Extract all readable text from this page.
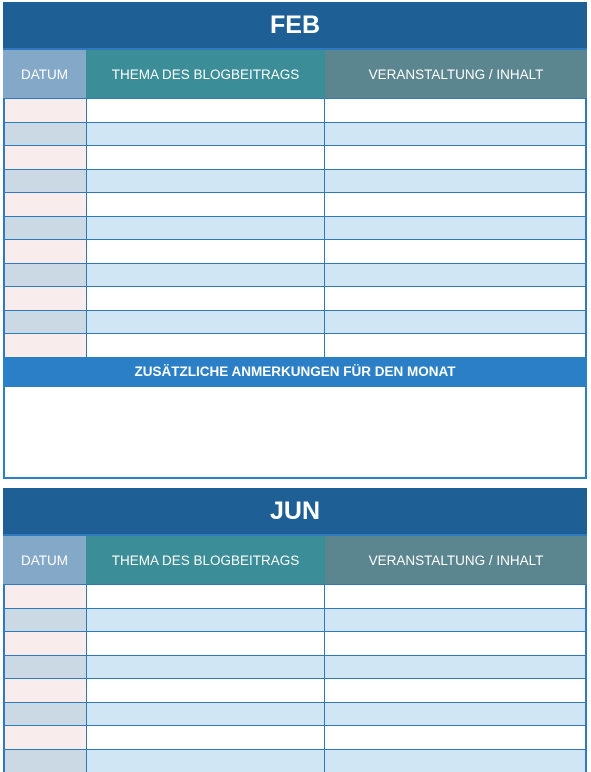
FEB
DATUM	THEMA DES BLOGBEITRAGS	VERANSTALTUNG / INHALT
ZUSÄTZLICHE ANMERKUNGEN FÜR DEN MONAT
JUN
DATUM	THEMA DES BLOGBEITRAGS	VERANSTALTUNG / INHALT
